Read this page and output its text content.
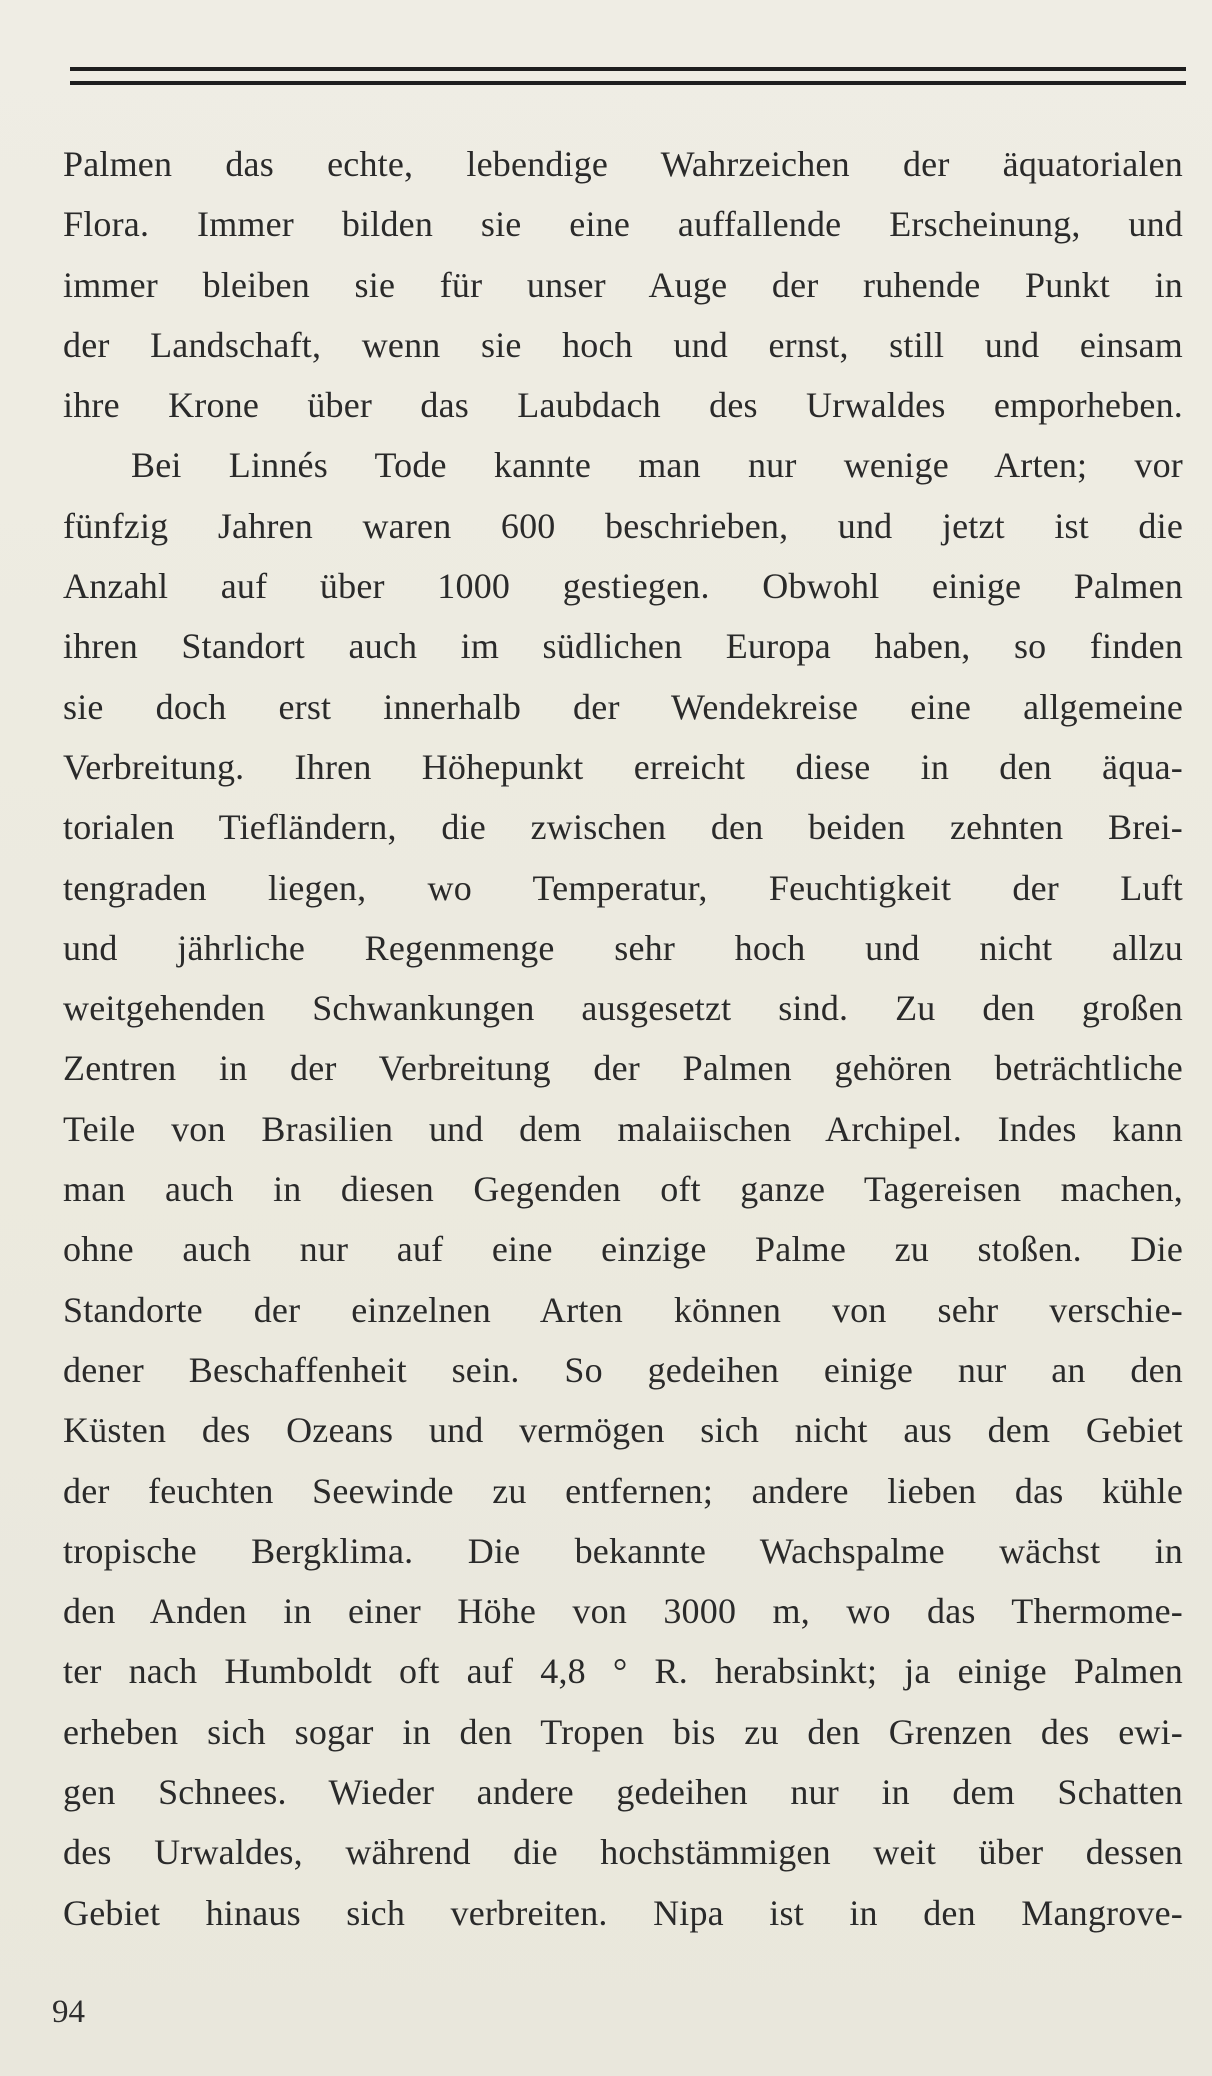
Palmen das echte, lebendige Wahrzeichen der äquatorialen
Flora. Immer bilden sie eine auffallende Erscheinung, und
immer bleiben sie für unser Auge der ruhende Punkt in
der Landschaft, wenn sie hoch und ernst, still und einsam
ihre Krone über das Laubdach des Urwaldes emporheben.
Bei Linnés Tode kannte man nur wenige Arten; vor
fünfzig Jahren waren 600 beschrieben, und jetzt ist die
Anzahl auf über 1000 gestiegen. Obwohl einige Palmen
ihren Standort auch im südlichen Europa haben, so finden
sie doch erst innerhalb der Wendekreise eine allgemeine
Verbreitung. Ihren Höhepunkt erreicht diese in den äqua-
torialen Tiefländern, die zwischen den beiden zehnten Brei-
tengraden liegen, wo Temperatur, Feuchtigkeit der Luft
und jährliche Regenmenge sehr hoch und nicht allzu
weitgehenden Schwankungen ausgesetzt sind. Zu den großen
Zentren in der Verbreitung der Palmen gehören beträchtliche
Teile von Brasilien und dem malaiischen Archipel. Indes kann
man auch in diesen Gegenden oft ganze Tagereisen machen,
ohne auch nur auf eine einzige Palme zu stoßen. Die
Standorte der einzelnen Arten können von sehr verschie-
dener Beschaffenheit sein. So gedeihen einige nur an den
Küsten des Ozeans und vermögen sich nicht aus dem Gebiet
der feuchten Seewinde zu entfernen; andere lieben das kühle
tropische Bergklima. Die bekannte Wachspalme wächst in
den Anden in einer Höhe von 3000 m, wo das Thermome-
ter nach Humboldt oft auf 4,8 ° R. herabsinkt; ja einige Palmen
erheben sich sogar in den Tropen bis zu den Grenzen des ewi-
gen Schnees. Wieder andere gedeihen nur in dem Schatten
des Urwaldes, während die hochstämmigen weit über dessen
Gebiet hinaus sich verbreiten. Nipa ist in den Mangrove-
94
